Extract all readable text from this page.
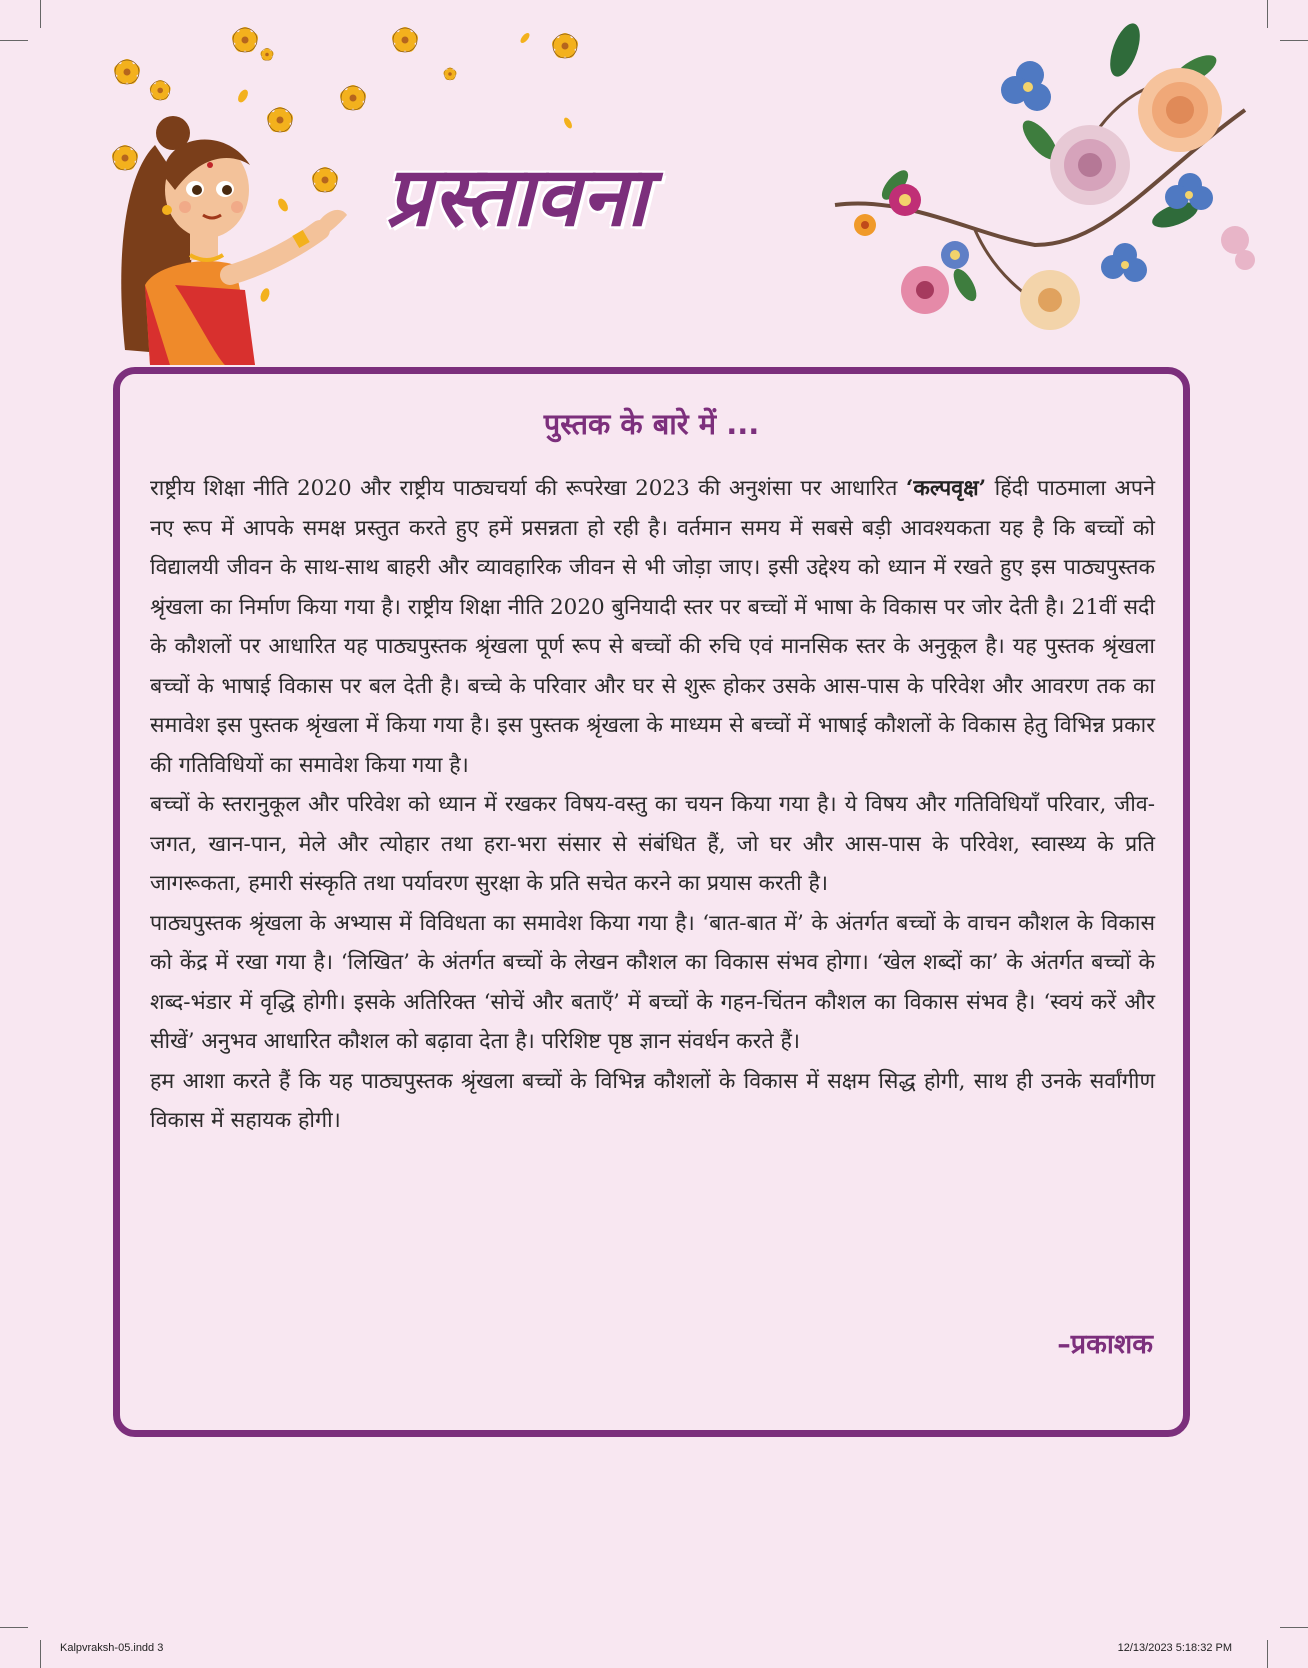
प्रस्तावना
पुस्तक के बारे में ...

राष्ट्रीय शिक्षा नीति 2020 और राष्ट्रीय पाठ्यचर्या की रूपरेखा 2023 की अनुशंसा पर आधारित ‘कल्पवृक्ष’ हिंदी पाठमाला अपने नए रूप में आपके समक्ष प्रस्तुत करते हुए हमें प्रसन्नता हो रही है। वर्तमान समय में सबसे बड़ी आवश्यकता यह है कि बच्चों को विद्यालयी जीवन के साथ-साथ बाहरी और व्यावहारिक जीवन से भी जोड़ा जाए। इसी उद्देश्य को ध्यान में रखते हुए इस पाठ्यपुस्तक श्रृंखला का निर्माण किया गया है। राष्ट्रीय शिक्षा नीति 2020 बुनियादी स्तर पर बच्चों में भाषा के विकास पर जोर देती है। 21वीं सदी के कौशलों पर आधारित यह पाठ्यपुस्तक श्रृंखला पूर्ण रूप से बच्चों की रुचि एवं मानसिक स्तर के अनुकूल है। यह पुस्तक श्रृंखला बच्चों के भाषाई विकास पर बल देती है। बच्चे के परिवार और घर से शुरू होकर उसके आस-पास के परिवेश और आवरण तक का समावेश इस पुस्तक श्रृंखला में किया गया है। इस पुस्तक श्रृंखला के माध्यम से बच्चों में भाषाई कौशलों के विकास हेतु विभिन्न प्रकार की गतिविधियों का समावेश किया गया है।

बच्चों के स्तरानुकूल और परिवेश को ध्यान में रखकर विषय-वस्तु का चयन किया गया है। ये विषय और गतिविधियाँ परिवार, जीव-जगत, खान-पान, मेले और त्योहार तथा हरा-भरा संसार से संबंधित हैं, जो घर और आस-पास के परिवेश, स्वास्थ्य के प्रति जागरूकता, हमारी संस्कृति तथा पर्यावरण सुरक्षा के प्रति सचेत करने का प्रयास करती है।

पाठ्यपुस्तक श्रृंखला के अभ्यास में विविधता का समावेश किया गया है। ‘बात-बात में’ के अंतर्गत बच्चों के वाचन कौशल के विकास को केंद्र में रखा गया है। ‘लिखित’ के अंतर्गत बच्चों के लेखन कौशल का विकास संभव होगा। ‘खेल शब्दों का’ के अंतर्गत बच्चों के शब्द-भंडार में वृद्धि होगी। इसके अतिरिक्त ‘सोचें और बताएँ’ में बच्चों के गहन-चिंतन कौशल का विकास संभव है। ‘स्वयं करें और सीखें’ अनुभव आधारित कौशल को बढ़ावा देता है। परिशिष्ट पृष्ठ ज्ञान संवर्धन करते हैं।

हम आशा करते हैं कि यह पाठ्यपुस्तक श्रृंखला बच्चों के विभिन्न कौशलों के विकास में सक्षम सिद्ध होगी, साथ ही उनके सर्वांगीण विकास में सहायक होगी।

–प्रकाशक
Kalpvraksh-05.indd 3	12/13/2023 5:18:32 PM
